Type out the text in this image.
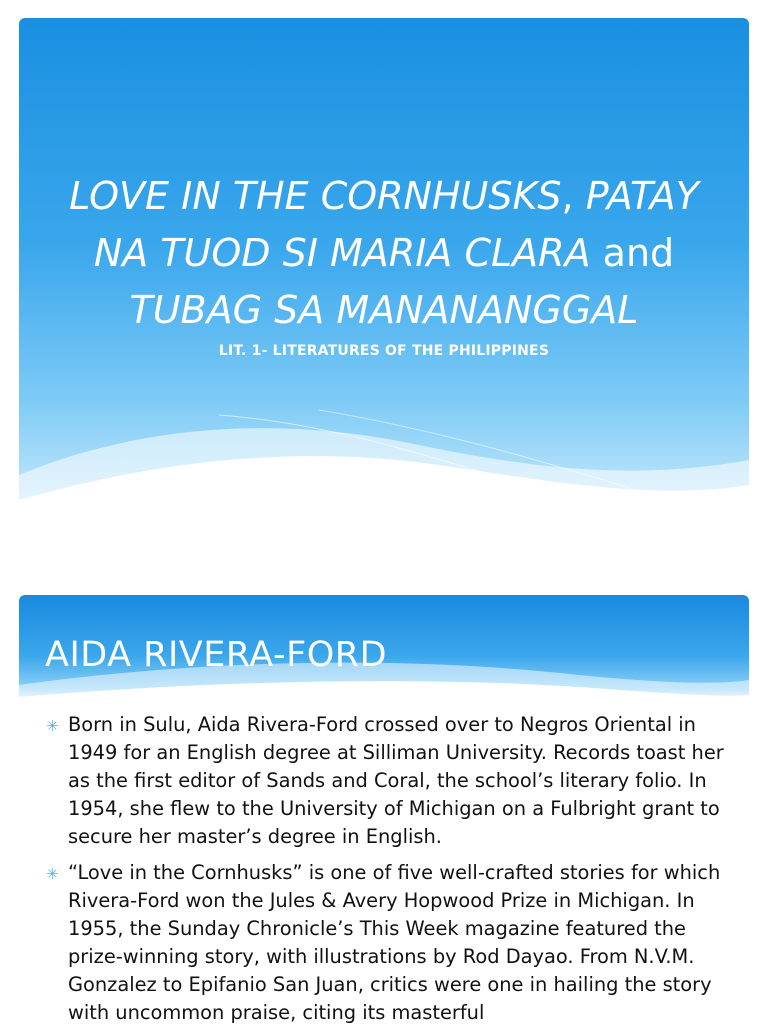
LOVE IN THE CORNHUSKS, PATAY NA TUOD SI MARIA CLARA and TUBAG SA MANANANGGAL
LIT. 1- LITERATURES OF THE PHILIPPINES
AIDA RIVERA-FORD
✳ Born in Sulu, Aida Rivera-Ford crossed over to Negros Oriental in 1949 for an English degree at Silliman University. Records toast her as the first editor of Sands and Coral, the school’s literary folio. In 1954, she flew to the University of Michigan on a Fulbright grant to secure her master’s degree in English.
✳ “Love in the Cornhusks” is one of five well-crafted stories for which Rivera-Ford won the Jules & Avery Hopwood Prize in Michigan. In 1955, the Sunday Chronicle’s This Week magazine featured the prize-winning story, with illustrations by Rod Dayao. From N.V.M. Gonzalez to Epifanio San Juan, critics were one in hailing the story with uncommon praise, citing its masterful
